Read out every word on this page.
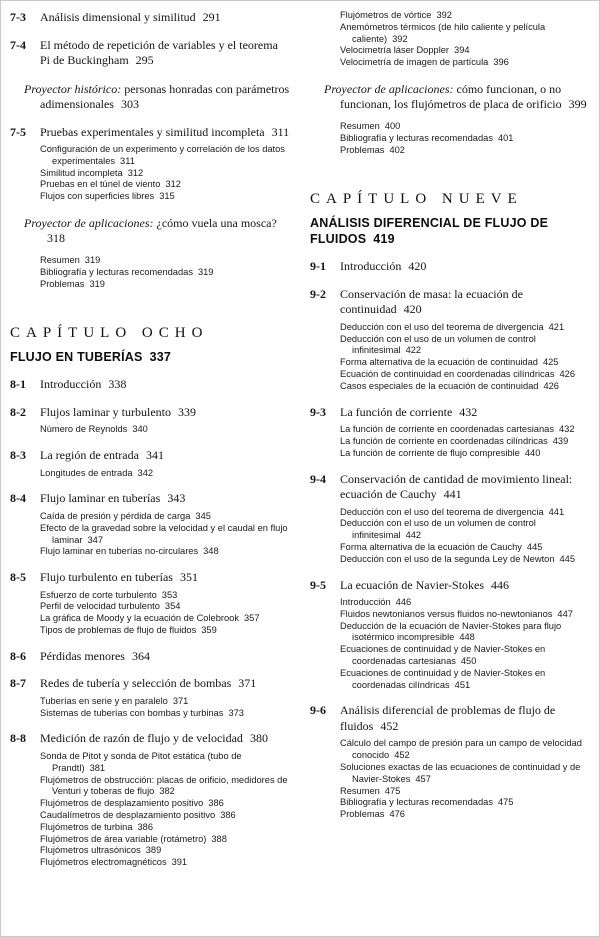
7-3	Análisis dimensional y similitud 291
7-4	El método de repetición de variables y el teorema Pi de Buckingham 295
Proyector histórico: personas honradas con parámetros adimensionales 303
7-5	Pruebas experimentales y similitud incompleta 311
Configuración de un experimento y correlación de los datos experimentales 311
Similitud incompleta 312
Pruebas en el túnel de viento 312
Flujos con superficies libres 315
Proyector de aplicaciones: ¿cómo vuela una mosca?318
Resumen 319
Bibliografía y lecturas recomendadas 319
Problemas 319
CAPÍTULO OCHO
FLUJO EN TUBERÍAS 337
8-1	Introducción 338
8-2	Flujos laminar y turbulento 339
Número de Reynolds 340
8-3	La región de entrada 341
Longitudes de entrada 342
8-4	Flujo laminar en tuberías 343
Caída de presión y pérdida de carga 345
Efecto de la gravedad sobre la velocidad y el caudal en flujo laminar 347
Flujo laminar en tuberías no-circulares 348
8-5	Flujo turbulento en tuberías 351
Esfuerzo de corte turbulento 353
Perfil de velocidad turbulento 354
La gráfica de Moody y la ecuación de Colebrook 357
Tipos de problemas de flujo de fluidos 359
8-6	Pérdidas menores 364
8-7	Redes de tubería y selección de bombas 371
Tuberías en serie y en paralelo 371
Sistemas de tuberías con bombas y turbinas 373
8-8	Medición de razón de flujo y de velocidad 380
Sonda de Pitot y sonda de Pitot estática (tubo de Prandtl) 381
Flujómetros de obstrucción: placas de orificio, medidores de Venturi y toberas de flujo 382
Flujómetros de desplazamiento positivo 386
Caudalímetros de desplazamiento positivo 386
Flujómetros de turbina 386
Flujómetros de área variable (rotámetro) 388
Flujómetros ultrasónicos 389
Flujómetros electromagnéticos 391
Flujómetros de vórtice 392
Anemómetros térmicos (de hilo caliente y película caliente) 392
Velocimetría láser Doppler 394
Velocimetría de imagen de partícula 396
Proyector de aplicaciones: cómo funcionan, o no funcionan, los flujómetros de placa de orificio 399
Resumen 400
Bibliografía y lecturas recomendadas 401
Problemas 402
CAPÍTULO NUEVE
ANÁLISIS DIFERENCIAL DE FLUJO DE FLUIDOS 419
9-1	Introducción 420
9-2	Conservación de masa: la ecuación de continuidad 420
Deducción con el uso del teorema de divergencia 421
Deducción con el uso de un volumen de control infinitesimal 422
Forma alternativa de la ecuación de continuidad 425
Ecuación de continuidad en coordenadas cilíndricas 426
Casos especiales de la ecuación de continuidad 426
9-3	La función de corriente 432
La función de corriente en coordenadas cartesianas 432
La función de corriente en coordenadas cilíndricas 439
La función de corriente de flujo compresible 440
9-4	Conservación de cantidad de movimiento lineal: ecuación de Cauchy 441
Deducción con el uso del teorema de divergencia 441
Deducción con el uso de un volumen de control infinitesimal 442
Forma alternativa de la ecuación de Cauchy 445
Deducción con el uso de la segunda Ley de Newton 445
9-5	La ecuación de Navier-Stokes 446
Introducción 446
Fluidos newtonianos versus fluidos no-newtonianos 447
Deducción de la ecuación de Navier-Stokes para flujo isotérmico incompresible 448
Ecuaciones de continuidad y de Navier-Stokes en coordenadas cartesianas 450
Ecuaciones de continuidad y de Navier-Stokes en coordenadas cilíndricas 451
9-6	Análisis diferencial de problemas de flujo de fluidos 452
Cálculo del campo de presión para un campo de velocidad conocido 452
Soluciones exactas de las ecuaciones de continuidad y de Navier-Stokes 457
Resumen 475
Bibliografía y lecturas recomendadas 475
Problemas 476
